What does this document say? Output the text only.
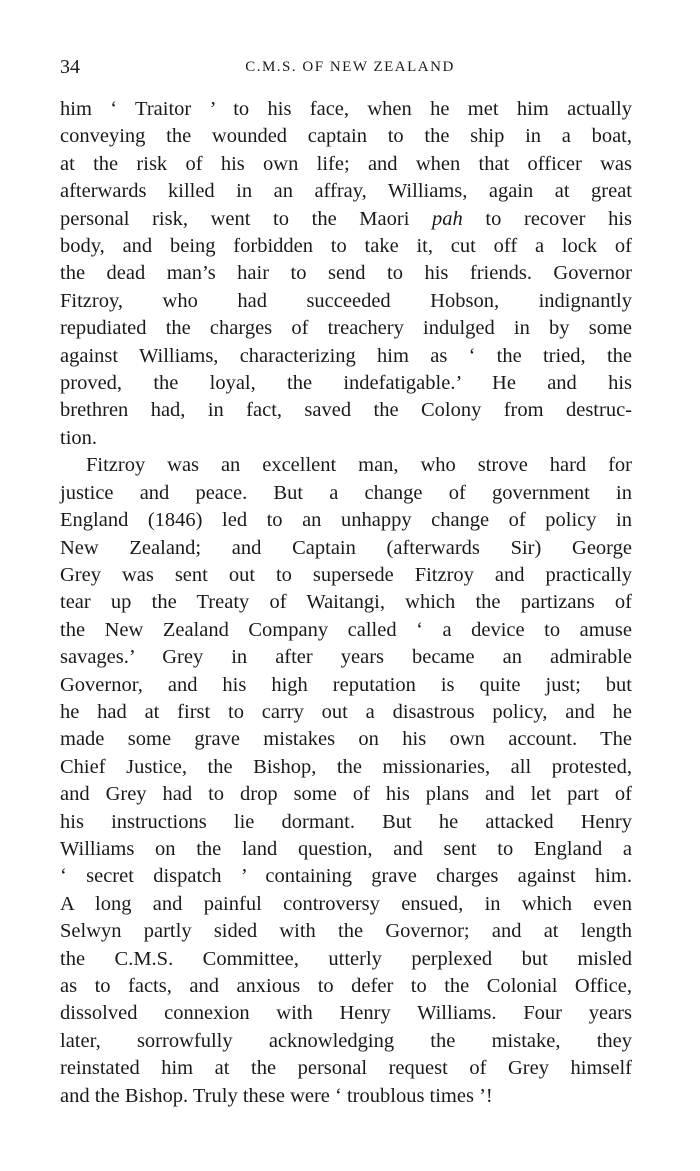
34	C.M.S. OF NEW ZEALAND

him ‘ Traitor ’ to his face, when he met him actually
conveying the wounded captain to the ship in a boat,
at the risk of his own life; and when that officer was
afterwards killed in an affray, Williams, again at great
personal risk, went to the Maori pah to recover his
body, and being forbidden to take it, cut off a lock of
the dead man’s hair to send to his friends. Governor
Fitzroy, who had succeeded Hobson, indignantly
repudiated the charges of treachery indulged in by some
against Williams, characterizing him as ‘ the tried, the
proved, the loyal, the indefatigable.’ He and his
brethren had, in fact, saved the Colony from destruc-
tion.

Fitzroy was an excellent man, who strove hard for
justice and peace. But a change of government in
England (1846) led to an unhappy change of policy in
New Zealand; and Captain (afterwards Sir) George
Grey was sent out to supersede Fitzroy and practically
tear up the Treaty of Waitangi, which the partizans of
the New Zealand Company called ‘ a device to amuse
savages.’ Grey in after years became an admirable
Governor, and his high reputation is quite just; but
he had at first to carry out a disastrous policy, and he
made some grave mistakes on his own account. The
Chief Justice, the Bishop, the missionaries, all protested,
and Grey had to drop some of his plans and let part of
his instructions lie dormant. But he attacked Henry
Williams on the land question, and sent to England a
‘ secret dispatch ’ containing grave charges against him.
A long and painful controversy ensued, in which even
Selwyn partly sided with the Governor; and at length
the C.M.S. Committee, utterly perplexed but misled
as to facts, and anxious to defer to the Colonial Office,
dissolved connexion with Henry Williams. Four years
later, sorrowfully acknowledging the mistake, they
reinstated him at the personal request of Grey himself
and the Bishop. Truly these were ‘ troublous times ’!
